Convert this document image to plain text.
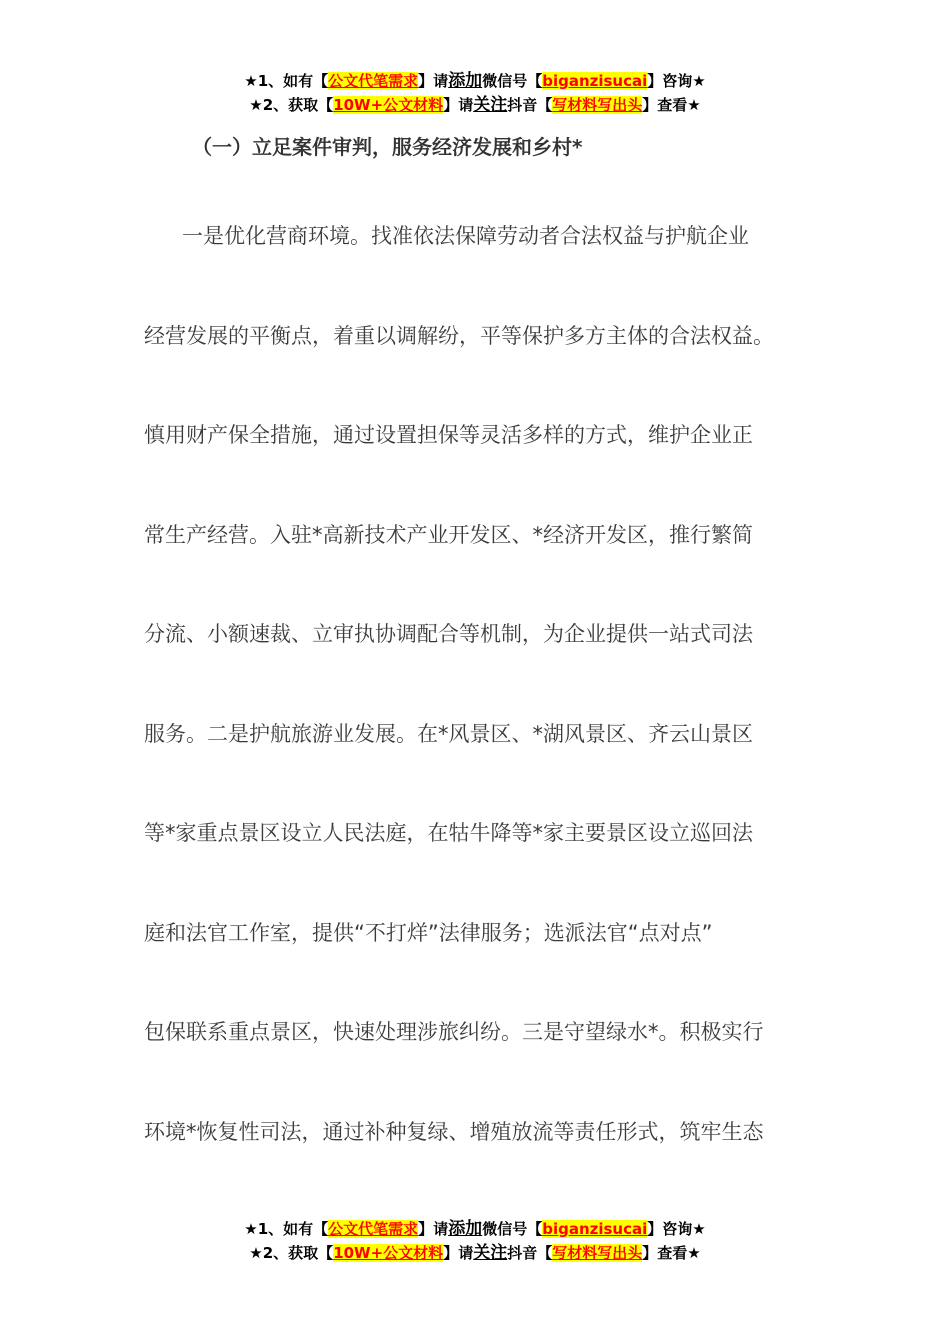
★1、如有【公文代笔需求】请添加微信号【biganzisucai】咨询★
★2、获取【10W+公文材料】请关注抖音【写材料写出头】查看★
（一）立足案件审判，服务经济发展和乡村*
一是优化营商环境。找准依法保障劳动者合法权益与护航企业
经营发展的平衡点，着重以调解纷，平等保护多方主体的合法权益。
慎用财产保全措施，通过设置担保等灵活多样的方式，维护企业正
常生产经营。入驻*高新技术产业开发区、*经济开发区，推行繁简
分流、小额速裁、立审执协调配合等机制，为企业提供一站式司法
服务。二是护航旅游业发展。在*风景区、*湖风景区、齐云山景区
等*家重点景区设立人民法庭，在牯牛降等*家主要景区设立巡回法
庭和法官工作室，提供“不打烊”法律服务；选派法官“点对点”
包保联系重点景区，快速处理涉旅纠纷。三是守望绿水*。积极实行
环境*恢复性司法，通过补种复绿、增殖放流等责任形式，筑牢生态
★1、如有【公文代笔需求】请添加微信号【biganzisucai】咨询★
★2、获取【10W+公文材料】请关注抖音【写材料写出头】查看★
